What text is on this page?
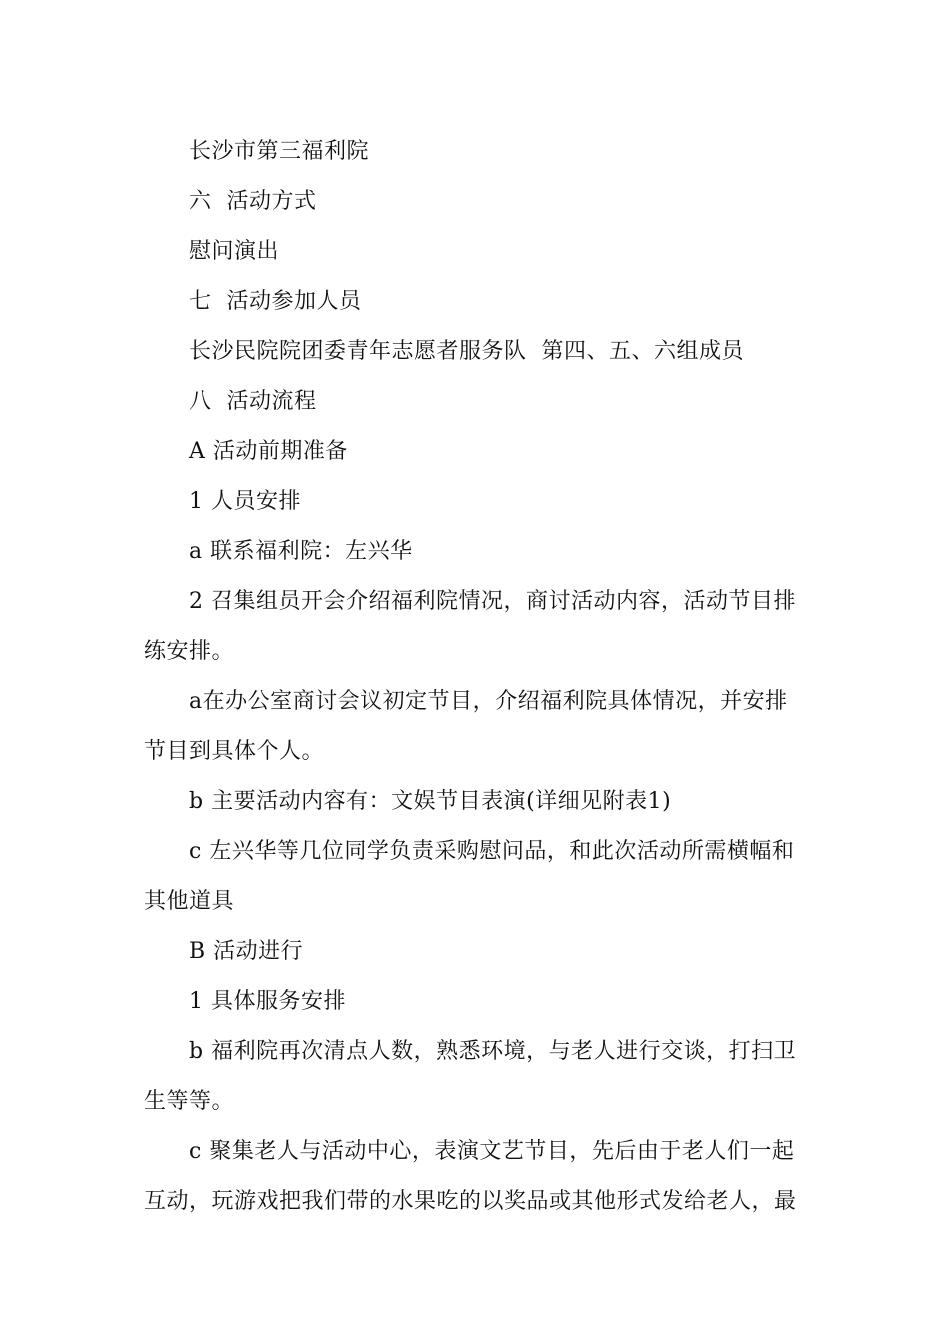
长沙市第三福利院

六  活动方式

慰问演出

七  活动参加人员

长沙民院院团委青年志愿者服务队  第四、五、六组成员

八  活动流程

A 活动前期准备

1 人员安排

a 联系福利院：左兴华

2 召集组员开会介绍福利院情况，商讨活动内容，活动节目排练安排。

a在办公室商讨会议初定节目，介绍福利院具体情况，并安排节目到具体个人。

b 主要活动内容有：文娱节目表演(详细见附表1)

c 左兴华等几位同学负责采购慰问品，和此次活动所需横幅和其他道具

B 活动进行

1 具体服务安排

b 福利院再次清点人数，熟悉环境，与老人进行交谈，打扫卫生等等。

c 聚集老人与活动中心，表演文艺节目，先后由于老人们一起互动，玩游戏把我们带的水果吃的以奖品或其他形式发给老人，最
